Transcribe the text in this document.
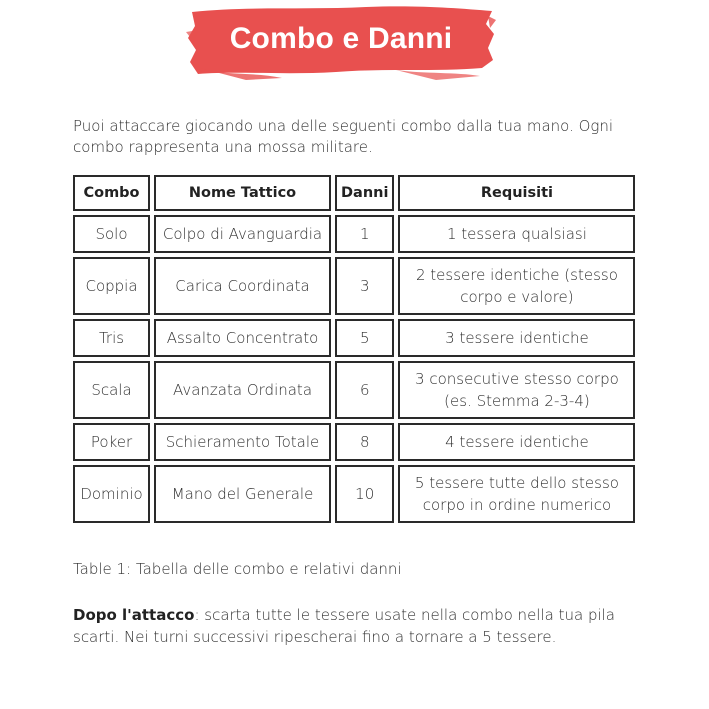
Combo e Danni
Puoi attaccare giocando una delle seguenti combo dalla tua mano. Ogni combo rappresenta una mossa militare.
Combo	Nome Tattico	Danni	Requisiti
Solo	Colpo di Avanguardia	1	1 tessera qualsiasi
Coppia	Carica Coordinata	3	2 tessere identiche (stesso corpo e valore)
Tris	Assalto Concentrato	5	3 tessere identiche
Scala	Avanzata Ordinata	6	3 consecutive stesso corpo (es. Stemma 2-3-4)
Poker	Schieramento Totale	8	4 tessere identiche
Dominio	Mano del Generale	10	5 tessere tutte dello stesso corpo in ordine numerico
Table 1: Tabella delle combo e relativi danni
Dopo l'attacco: scarta tutte le tessere usate nella combo nella tua pila scarti. Nei turni successivi ripescherai fino a tornare a 5 tessere.
